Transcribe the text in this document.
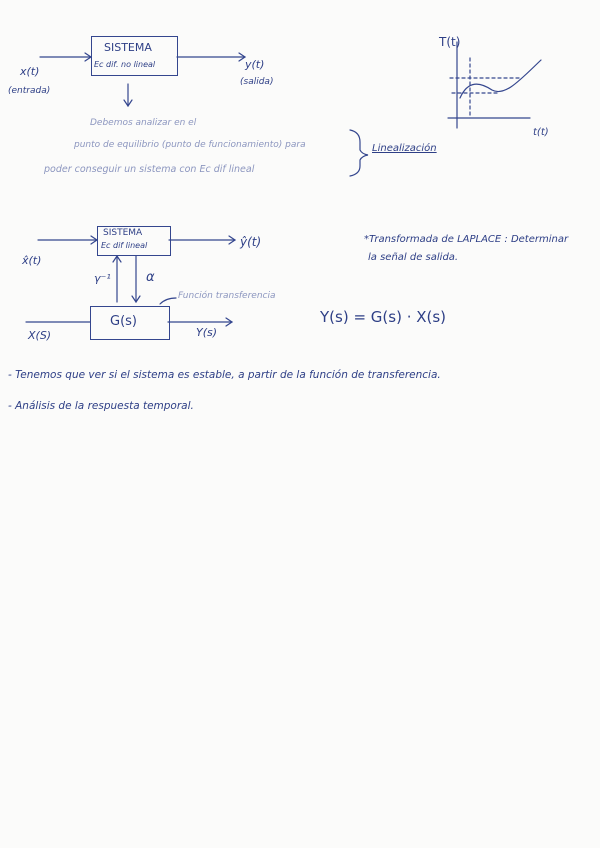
SISTEMA
Ec dif. no lineal
x(t)
(entrada)
y(t)
(salida)
Debemos analizar en el
punto de equilibrio (punto de funcionamiento) para
poder conseguir un sistema con Ec dif lineal
Linealización
T(t)
t(t)
SISTEMA
Ec dif lineal
x̂(t)
ŷ(t)
γ⁻¹	α
G(s)
Función transferencia
X(S)	Y(s)
*Transformada de LAPLACE : Determinar
la señal de salida.
Y(s) = G(s) · X(s)
- Tenemos que ver si el sistema es estable, a partir de la función de transferencia.
- Análisis de la respuesta temporal.
